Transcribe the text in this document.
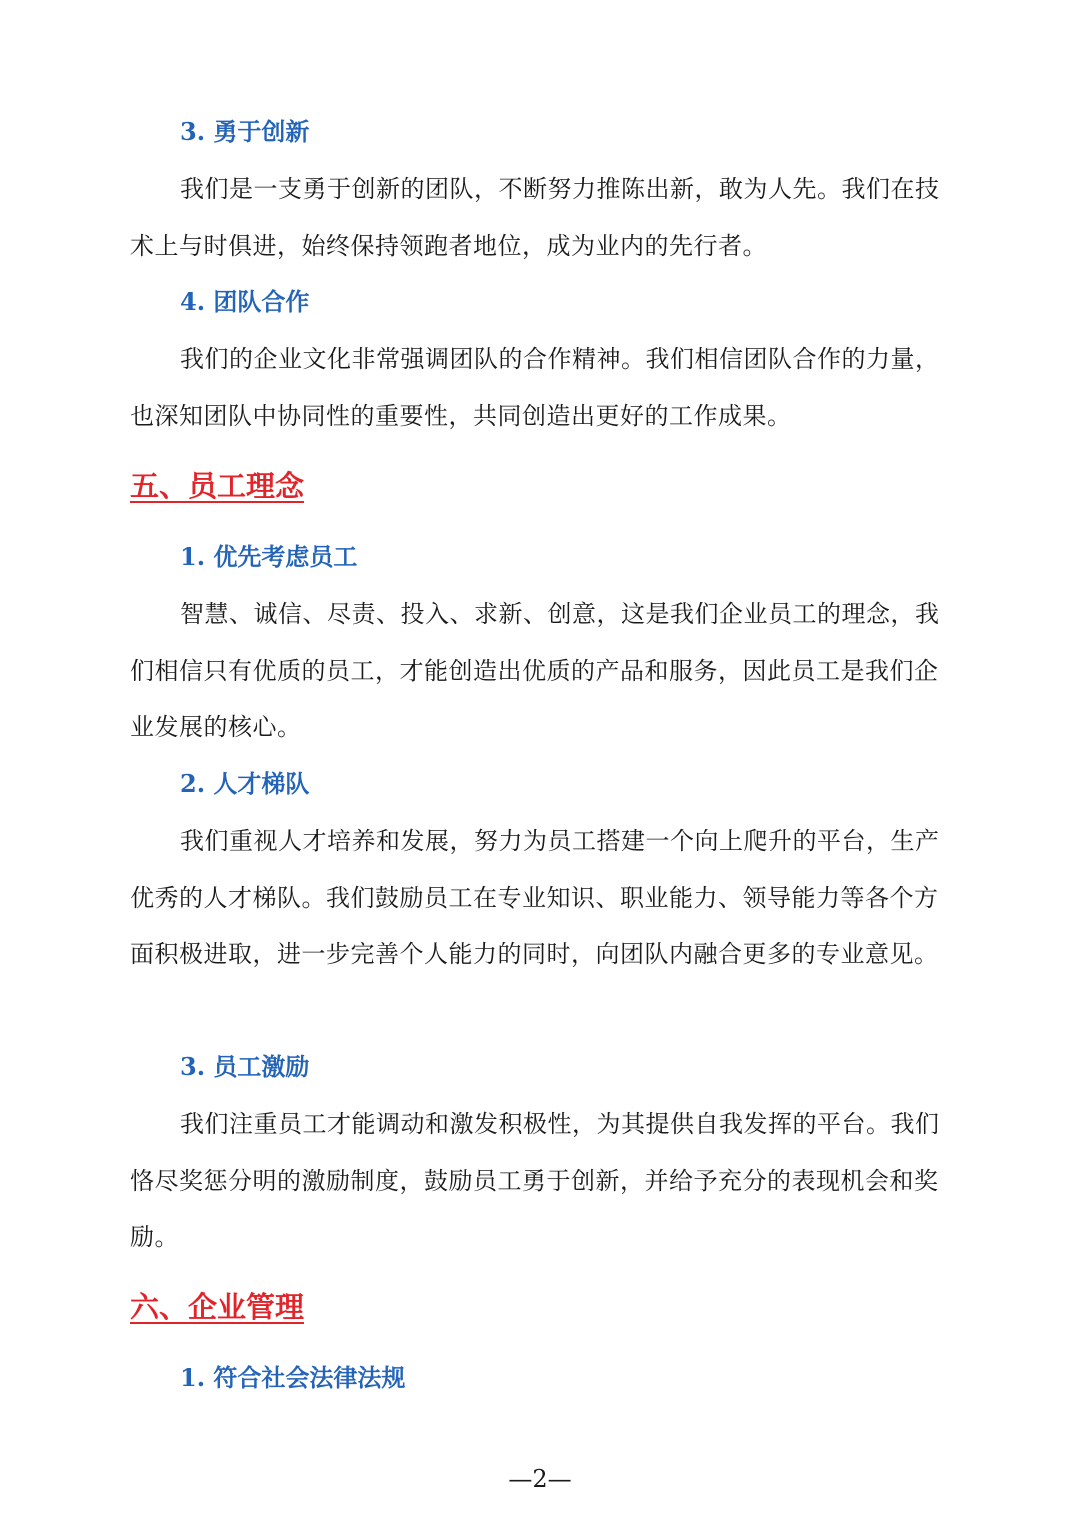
3. 勇于创新

我们是一支勇于创新的团队，不断努力推陈出新，敢为人先。我们在技术上与时俱进，始终保持领跑者地位，成为业内的先行者。

4. 团队合作

我们的企业文化非常强调团队的合作精神。我们相信团队合作的力量，也深知团队中协同性的重要性，共同创造出更好的工作成果。

五、员工理念
1. 优先考虑员工

智慧、诚信、尽责、投入、求新、创意，这是我们企业员工的理念，我们相信只有优质的员工，才能创造出优质的产品和服务，因此员工是我们企业发展的核心。

2. 人才梯队

我们重视人才培养和发展，努力为员工搭建一个向上爬升的平台，生产优秀的人才梯队。我们鼓励员工在专业知识、职业能力、领导能力等各个方面积极进取，进一步完善个人能力的同时，向团队内融合更多的专业意见。

3. 员工激励

我们注重员工才能调动和激发积极性，为其提供自我发挥的平台。我们恪尽奖惩分明的激励制度，鼓励员工勇于创新，并给予充分的表现机会和奖励。

六、企业管理
1. 符合社会法律法规
—2—
